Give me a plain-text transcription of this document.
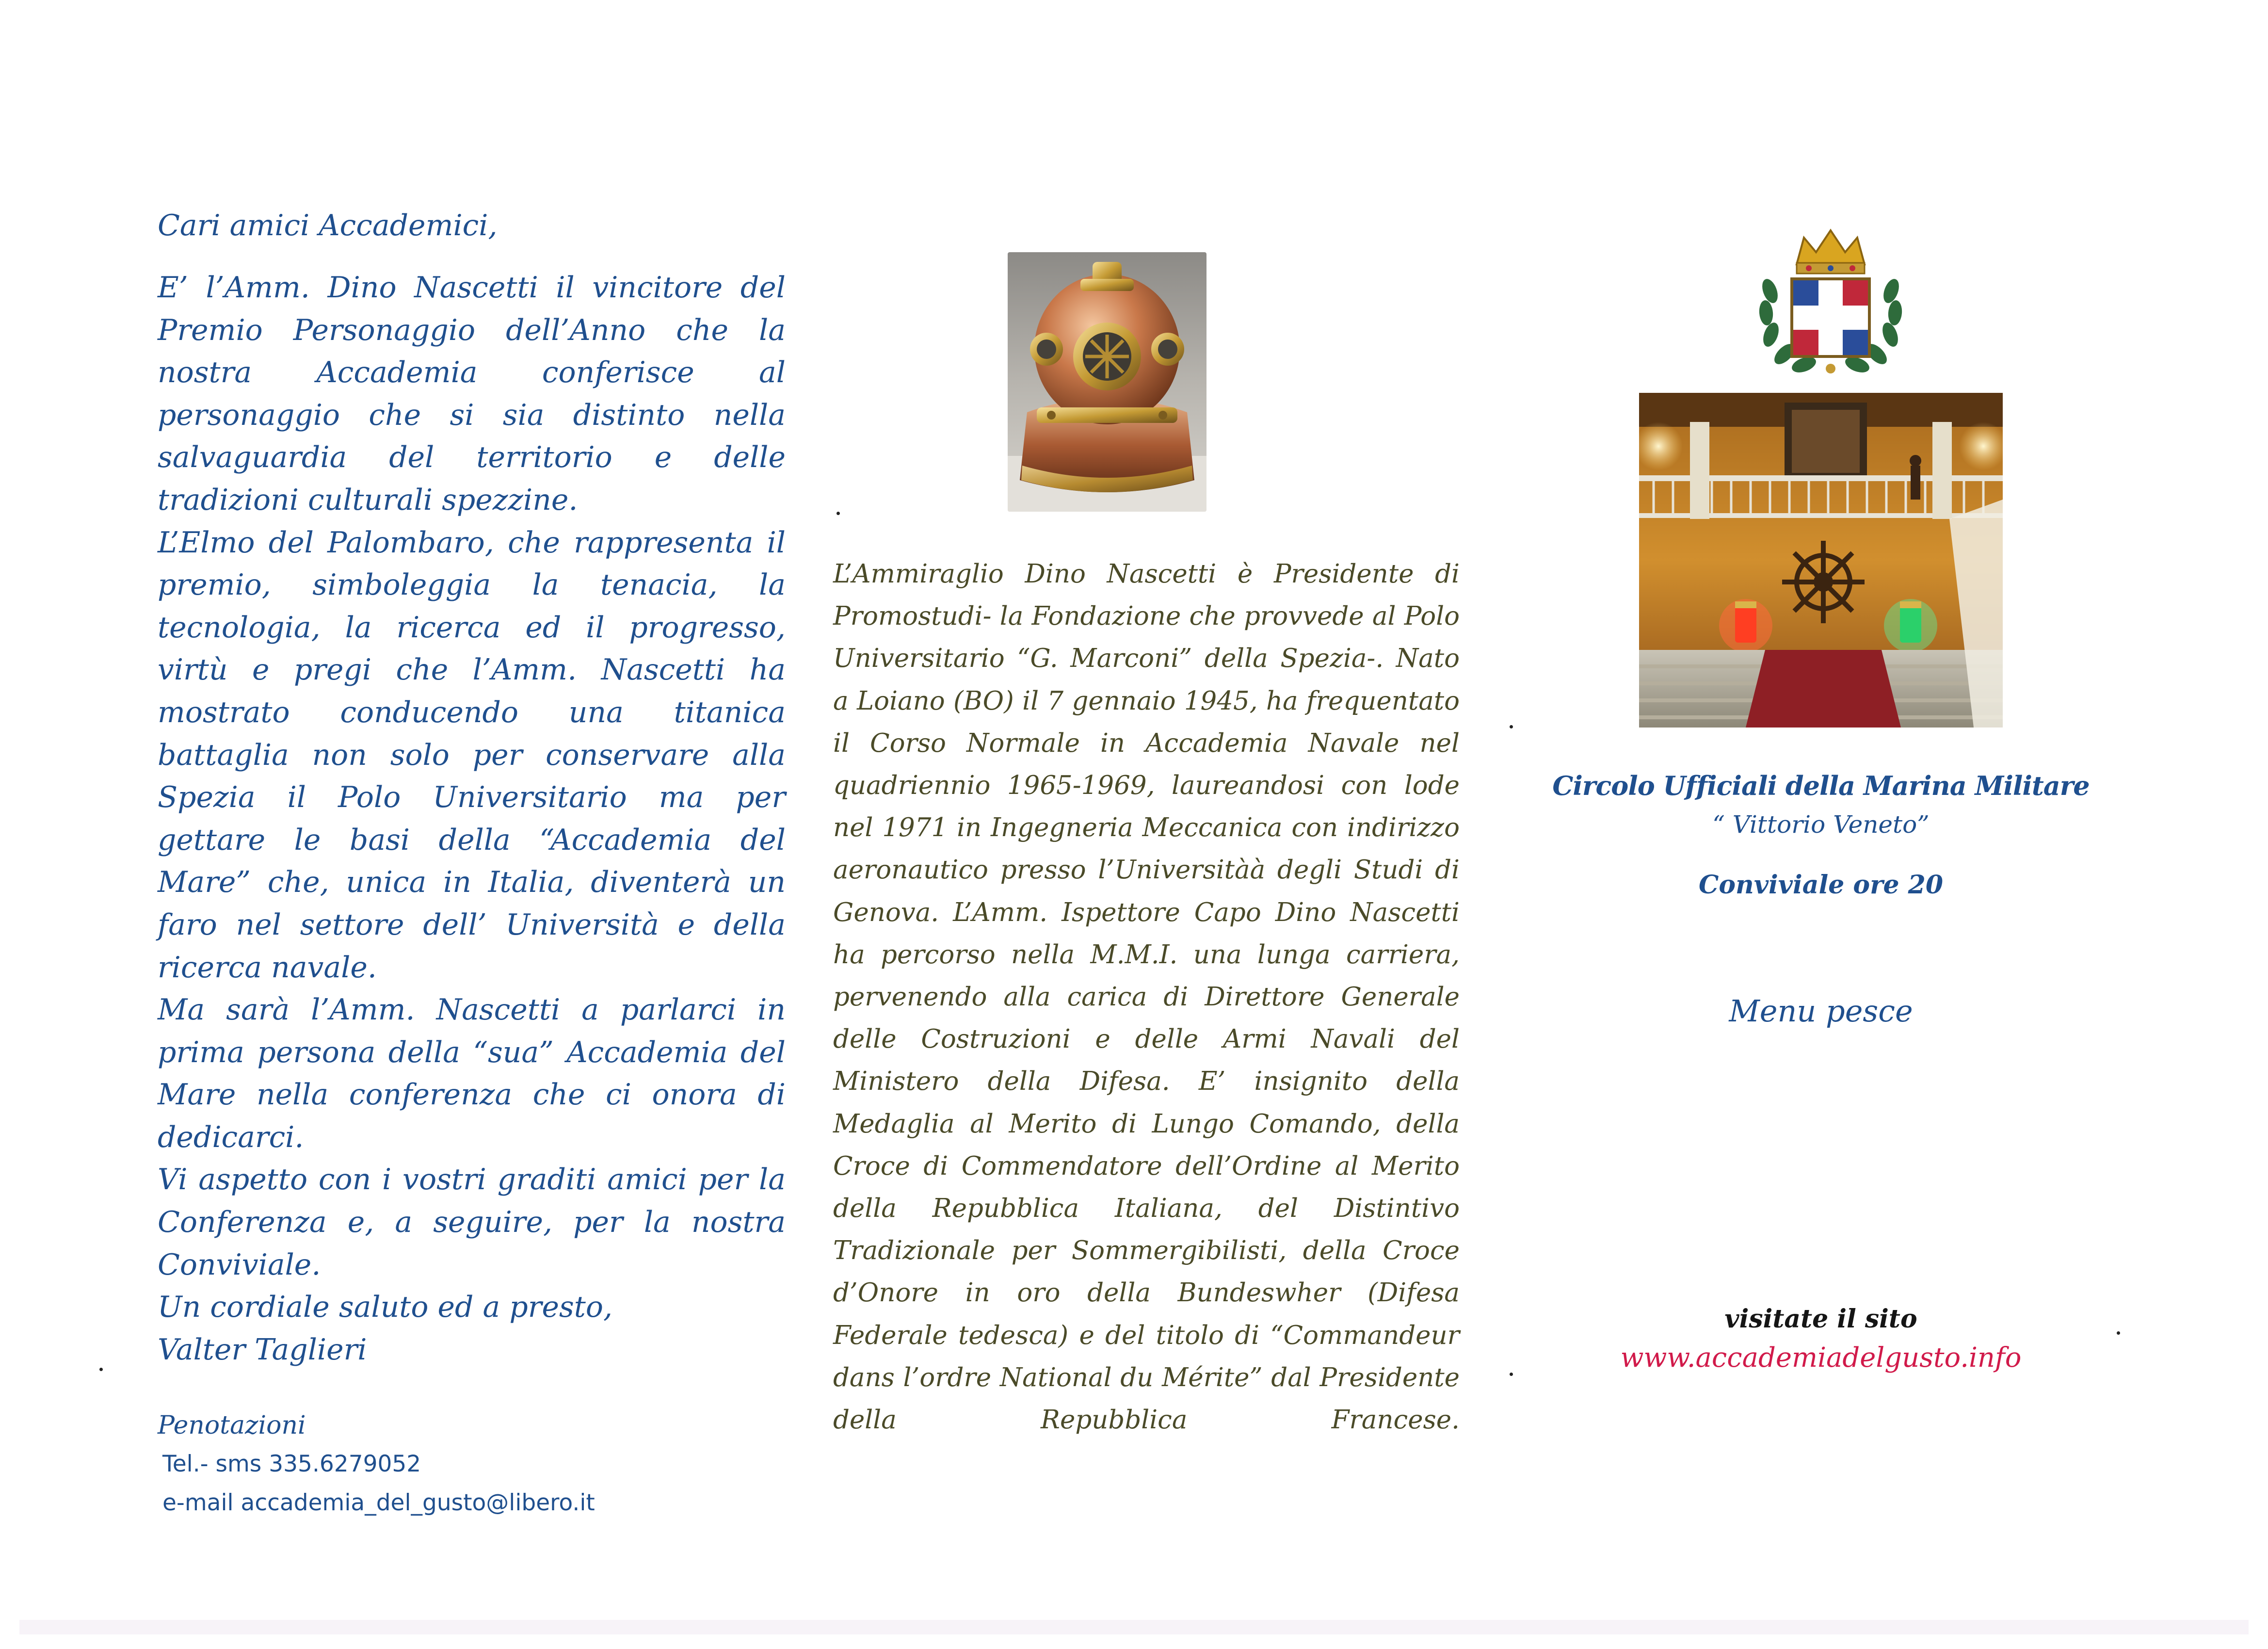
Cari amici Accademici,

E’ l’Amm. Dino Nascetti il vincitore del Premio Personaggio dell’Anno che la nostra Accademia conferisce al personaggio che si sia distinto nella salvaguardia del territorio e delle tradizioni culturali spezzine.

L’Elmo del Palombaro, che rappresenta il premio, simboleggia la tenacia, la tecnologia, la ricerca ed il progresso, virtù e pregi che l’Amm. Nascetti ha mostrato conducendo una titanica battaglia non solo per conservare alla Spezia il Polo Universitario ma per gettare le basi della “Accademia del Mare” che, unica in Italia, diventerà un faro nel settore dell’ Università e della ricerca navale.

Ma sarà l’Amm. Nascetti a parlarci in prima persona della “sua” Accademia del Mare nella conferenza che ci onora di dedicarci.

Vi aspetto con i vostri graditi amici per la Conferenza e, a seguire, per la nostra Conviviale.

Un cordiale saluto ed a presto,

Valter Taglieri

Penotazioni
Tel.- sms 335.6279052
e-mail accademia_del_gusto@libero.it

L’Ammiraglio Dino Nascetti è Presidente di Promostudi- la Fondazione che provvede al Polo Universitario “G. Marconi” della Spezia-. Nato a Loiano (BO) il 7 gennaio 1945, ha frequentato il Corso Normale in Accademia Navale nel quadriennio 1965-1969, laureandosi con lode nel 1971 in Ingegneria Meccanica con indirizzo aeronautico presso l’Universitàà degli Studi di Genova. L’Amm. Ispettore Capo Dino Nascetti ha percorso nella M.M.I. una lunga carriera, pervenendo alla carica di Direttore Generale delle Costruzioni e delle Armi Navali del Ministero della Difesa. E’ insignito della Medaglia al Merito di Lungo Comando, della Croce di Commendatore dell’Ordine al Merito della Repubblica Italiana, del Distintivo Tradizionale per Sommergibilisti, della Croce d’Onore in oro della Bundeswher (Difesa Federale tedesca) e del titolo di “Commandeur dans l’ordre National du Mérite” dal Presidente della Repubblica Francese.

Circolo Ufficiali della Marina Militare
“ Vittorio Veneto”
Conviviale ore 20
Menu pesce
visitate il sito
www.accademiadelgusto.info
